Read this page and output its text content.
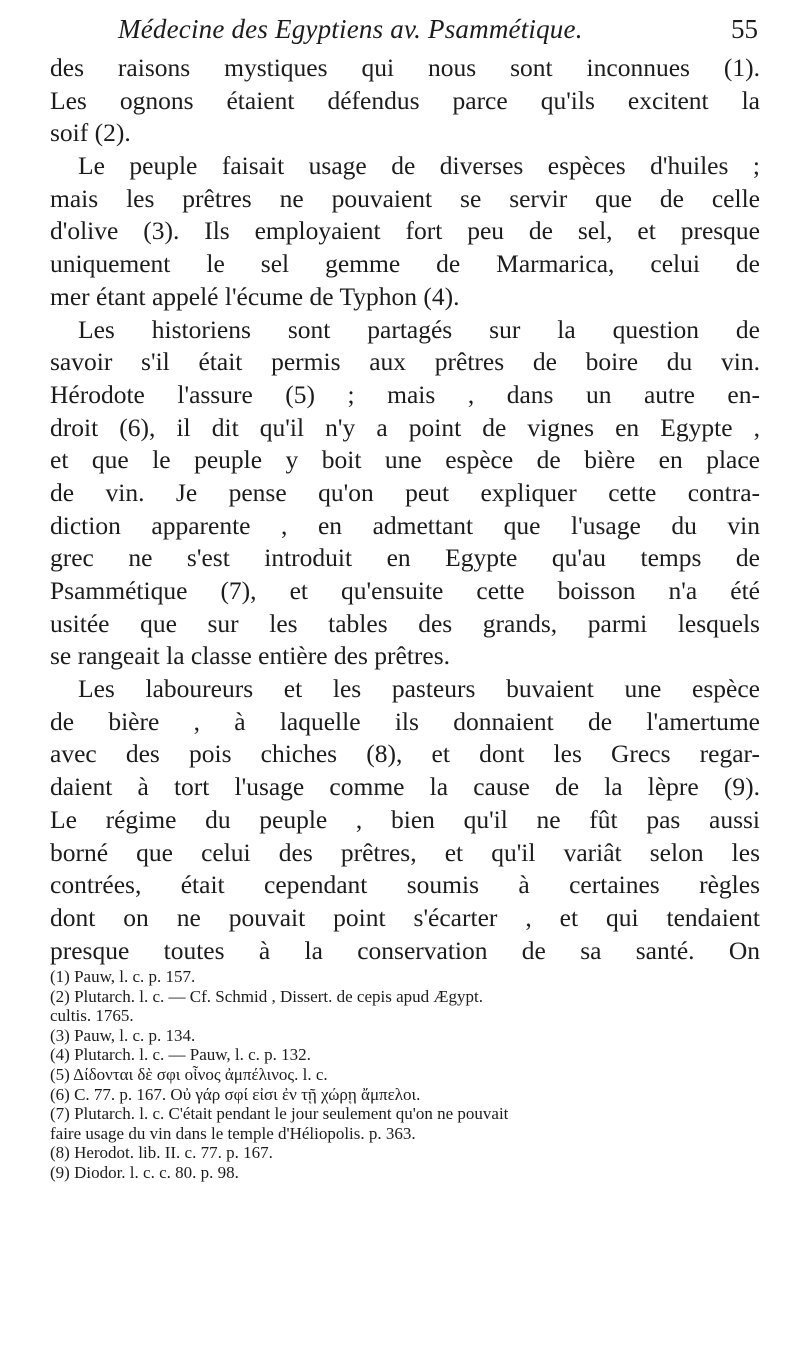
Médecine des Egyptiens av. Psammétique.	55
des raisons mystiques qui nous sont inconnues (1).
Les ognons étaient défendus parce qu'ils excitent la
soif (2).
Le peuple faisait usage de diverses espèces d'huiles ;
mais les prêtres ne pouvaient se servir que de celle
d'olive (3). Ils employaient fort peu de sel, et presque
uniquement le sel gemme de Marmarica, celui de
mer étant appelé l'écume de Typhon (4).
Les historiens sont partagés sur la question de
savoir s'il était permis aux prêtres de boire du vin.
Hérodote l'assure (5) ; mais , dans un autre en-
droit (6), il dit qu'il n'y a point de vignes en Egypte ,
et que le peuple y boit une espèce de bière en place
de vin. Je pense qu'on peut expliquer cette contra-
diction apparente , en admettant que l'usage du vin
grec ne s'est introduit en Egypte qu'au temps de
Psammétique (7), et qu'ensuite cette boisson n'a été
usitée que sur les tables des grands, parmi lesquels
se rangeait la classe entière des prêtres.
Les laboureurs et les pasteurs buvaient une espèce
de bière , à laquelle ils donnaient de l'amertume
avec des pois chiches (8), et dont les Grecs regar-
daient à tort l'usage comme la cause de la lèpre (9).
Le régime du peuple , bien qu'il ne fût pas aussi
borné que celui des prêtres, et qu'il variât selon les
contrées, était cependant soumis à certaines règles
dont on ne pouvait point s'écarter , et qui tendaient
presque toutes à la conservation de sa santé. On
(1) Pauw, l. c. p. 157.
(2) Plutarch. l. c. — Cf. Schmid , Dissert. de cepis apud Ægypt.
cultis. 1765.
(3) Pauw, l. c. p. 134.
(4) Plutarch. l. c. — Pauw, l. c. p. 132.
(5) Δίδονται δὲ σφι οἶνος ἀμπέλινος. l. c.
(6) C. 77. p. 167. Οὐ γάρ σφί εἰσι ἐν τῇ χώρῃ ἄμπελοι.
(7) Plutarch. l. c. C'était pendant le jour seulement qu'on ne pouvait
faire usage du vin dans le temple d'Héliopolis. p. 363.
(8) Herodot. lib. II. c. 77. p. 167.
(9) Diodor. l. c. c. 80. p. 98.
